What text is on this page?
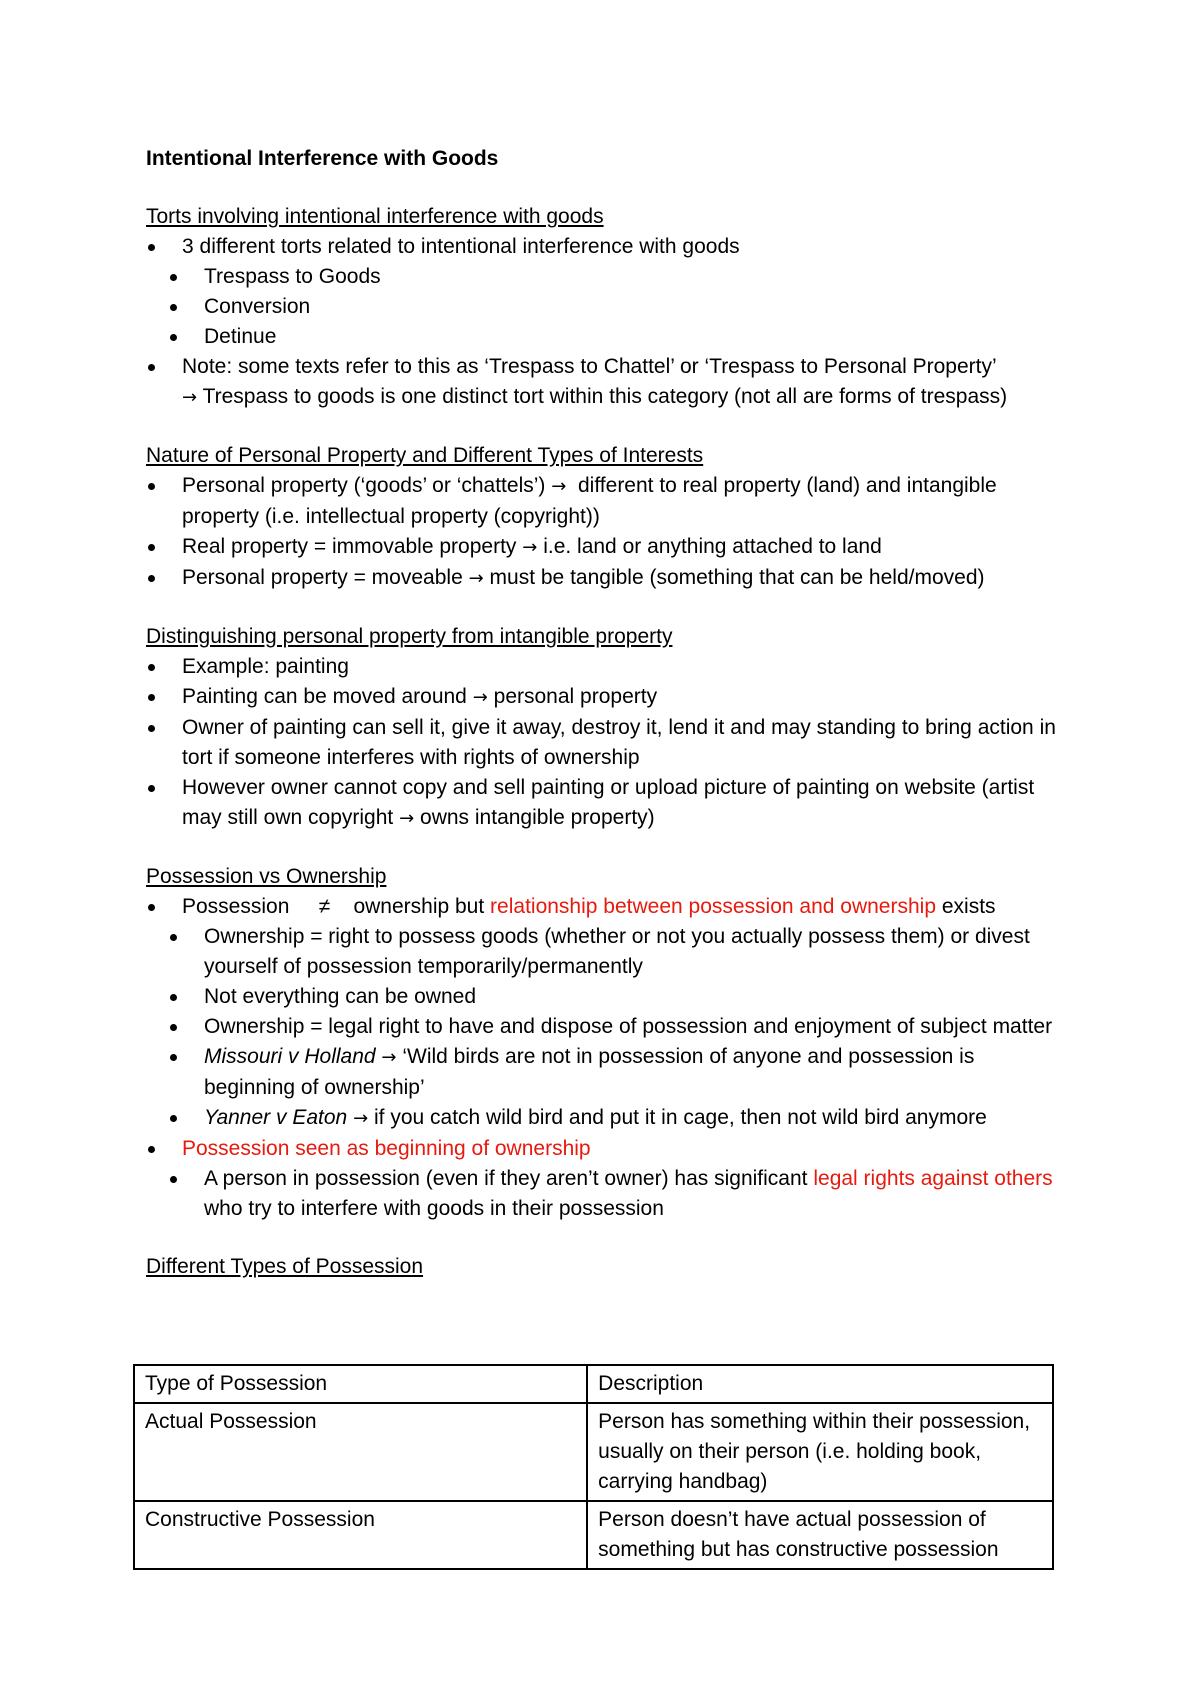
Intentional Interference with Goods
Torts involving intentional interference with goods
3 different torts related to intentional interference with goods
Trespass to Goods
Conversion
Detinue
Note: some texts refer to this as ‘Trespass to Chattel’ or ‘Trespass to Personal Property’
→ Trespass to goods is one distinct tort within this category (not all are forms of trespass)
Nature of Personal Property and Different Types of Interests
Personal property (‘goods’ or ‘chattels’) → different to real property (land) and intangible property (i.e. intellectual property (copyright))
Real property = immovable property → i.e. land or anything attached to land
Personal property = moveable → must be tangible (something that can be held/moved)
Distinguishing personal property from intangible property
Example: painting
Painting can be moved around → personal property
Owner of painting can sell it, give it away, destroy it, lend it and may standing to bring action in tort if someone interferes with rights of ownership
However owner cannot copy and sell painting or upload picture of painting on website (artist may still own copyright → owns intangible property)
Possession vs Ownership
Possession ≠ ownership but relationship between possession and ownership exists
Ownership = right to possess goods (whether or not you actually possess them) or divest yourself of possession temporarily/permanently
Not everything can be owned
Ownership = legal right to have and dispose of possession and enjoyment of subject matter
Missouri v Holland → ‘Wild birds are not in possession of anyone and possession is beginning of ownership’
Yanner v Eaton → if you catch wild bird and put it in cage, then not wild bird anymore
Possession seen as beginning of ownership
A person in possession (even if they aren’t owner) has significant legal rights against others who try to interfere with goods in their possession
Different Types of Possession
Type of Possession	Description
Actual Possession	Person has something within their possession, usually on their person (i.e. holding book, carrying handbag)
Constructive Possession	Person doesn’t have actual possession of something but has constructive possession
